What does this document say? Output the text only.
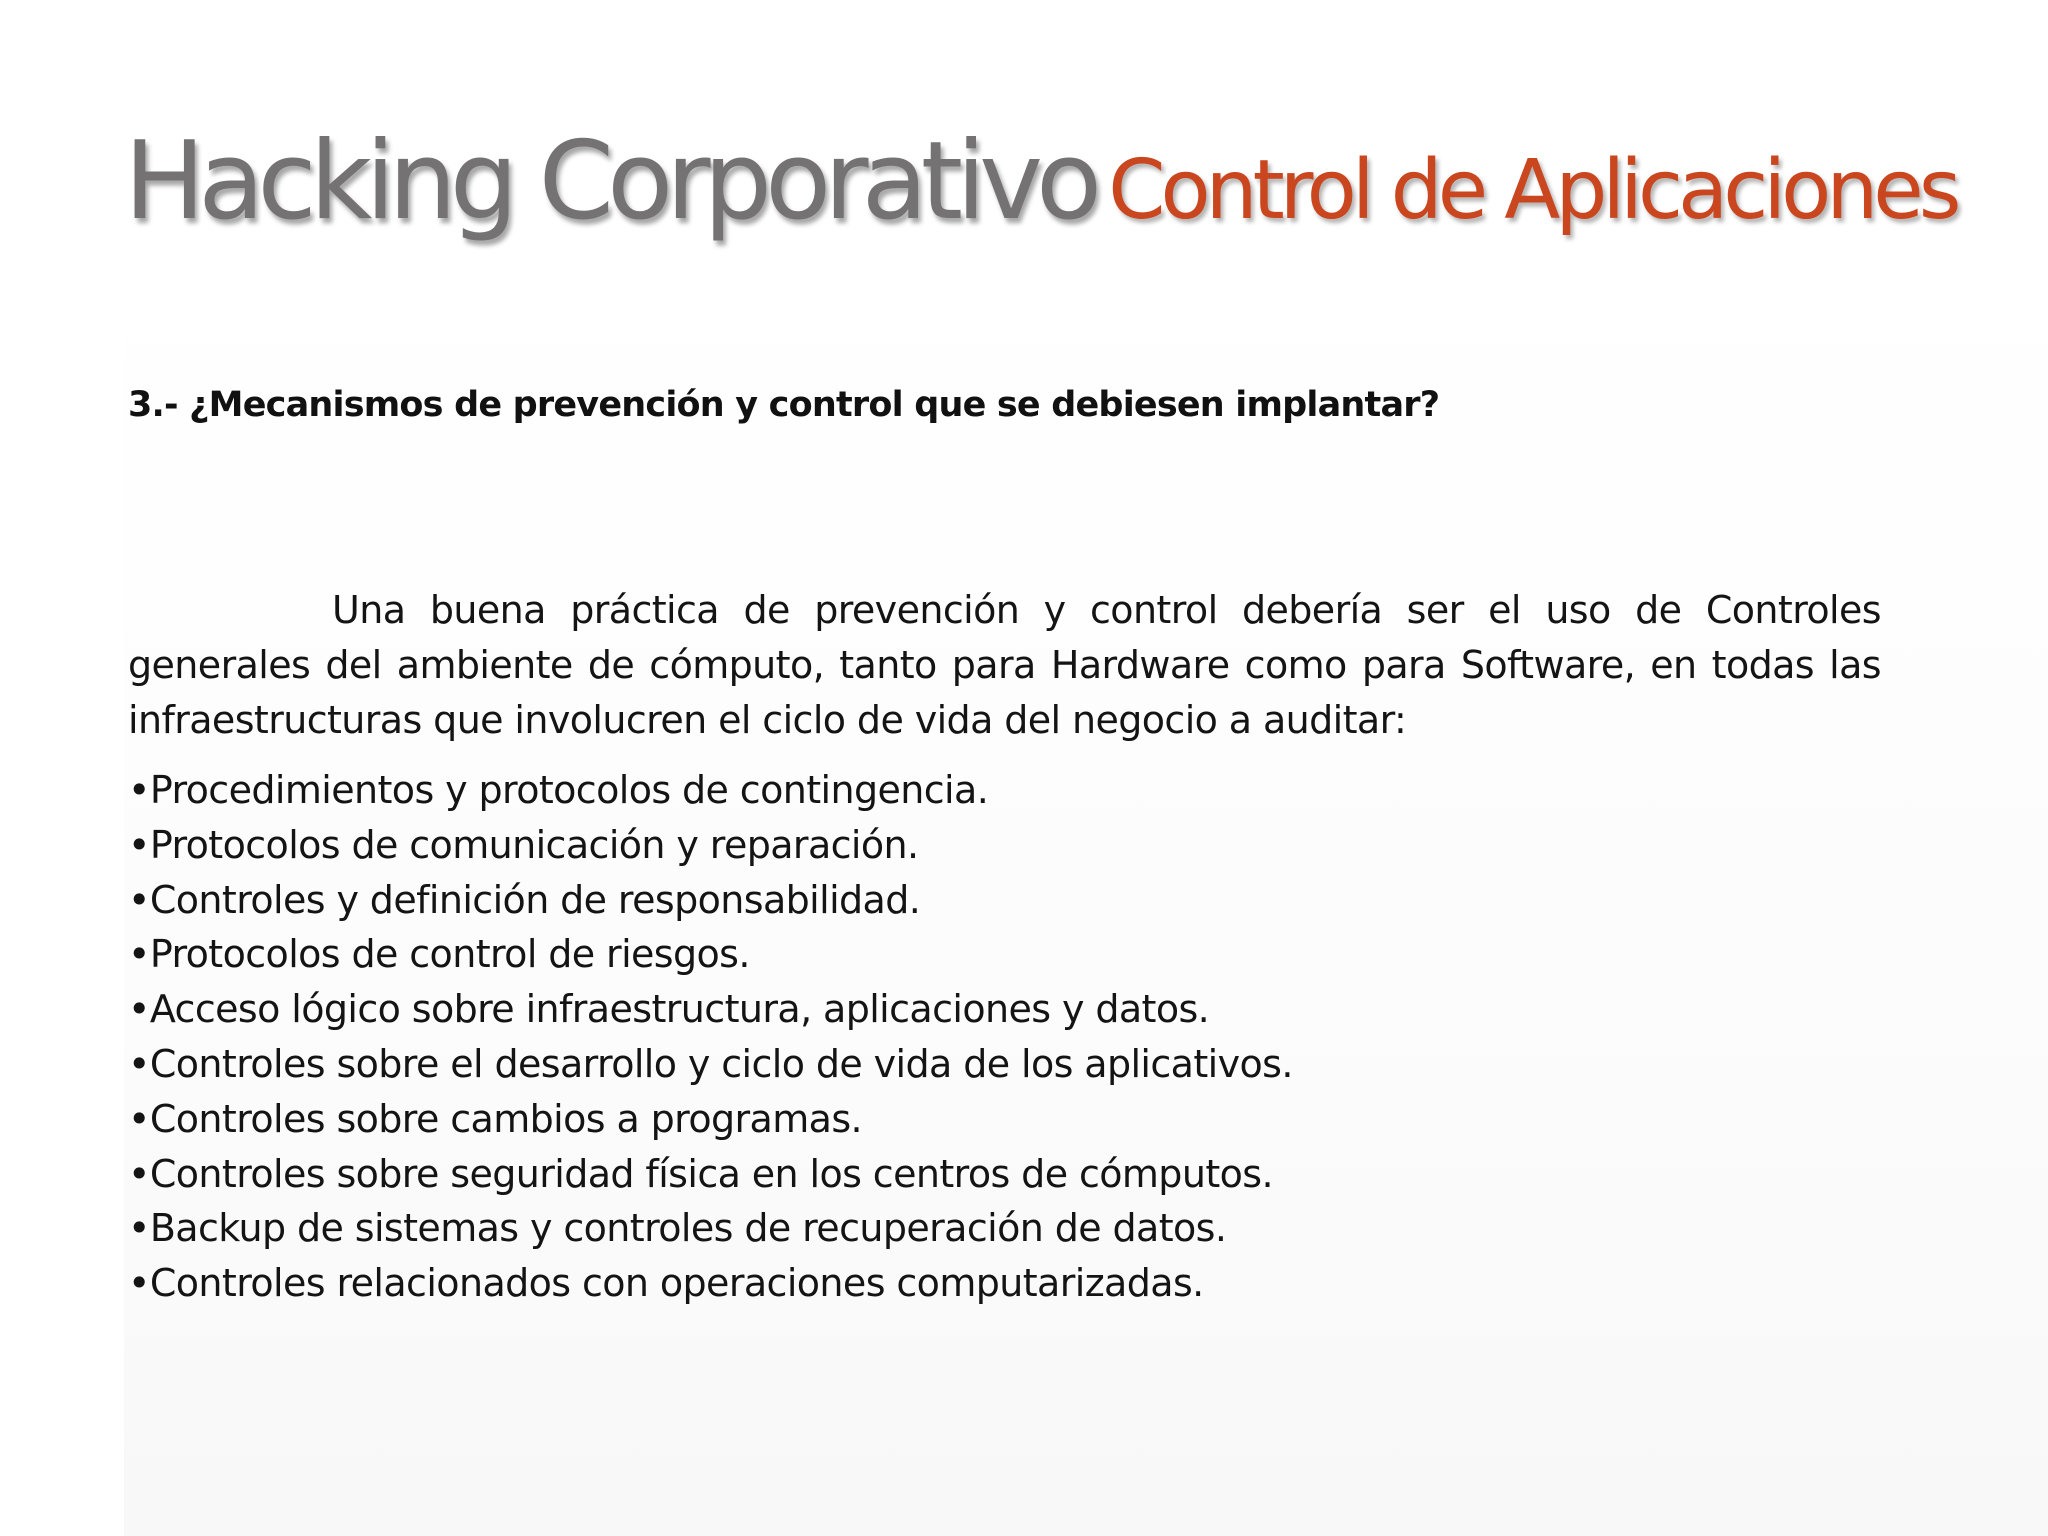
Hacking Corporativo Control de Aplicaciones
3.- ¿Mecanismos de prevención y control que se debiesen implantar?

Una buena práctica de prevención y control debería ser el uso de Controles generales del ambiente de cómputo, tanto para Hardware como para Software, en todas las infraestructuras que involucren el ciclo de vida del negocio a auditar:

• Procedimientos y protocolos de contingencia.
• Protocolos de comunicación y reparación.
• Controles y definición de responsabilidad.
• Protocolos de control de riesgos.
• Acceso lógico sobre infraestructura, aplicaciones y datos.
• Controles sobre el desarrollo y ciclo de vida de los aplicativos.
• Controles sobre cambios a programas.
• Controles sobre seguridad física en los centros de cómputos.
• Backup de sistemas y controles de recuperación de datos.
• Controles relacionados con operaciones computarizadas.
